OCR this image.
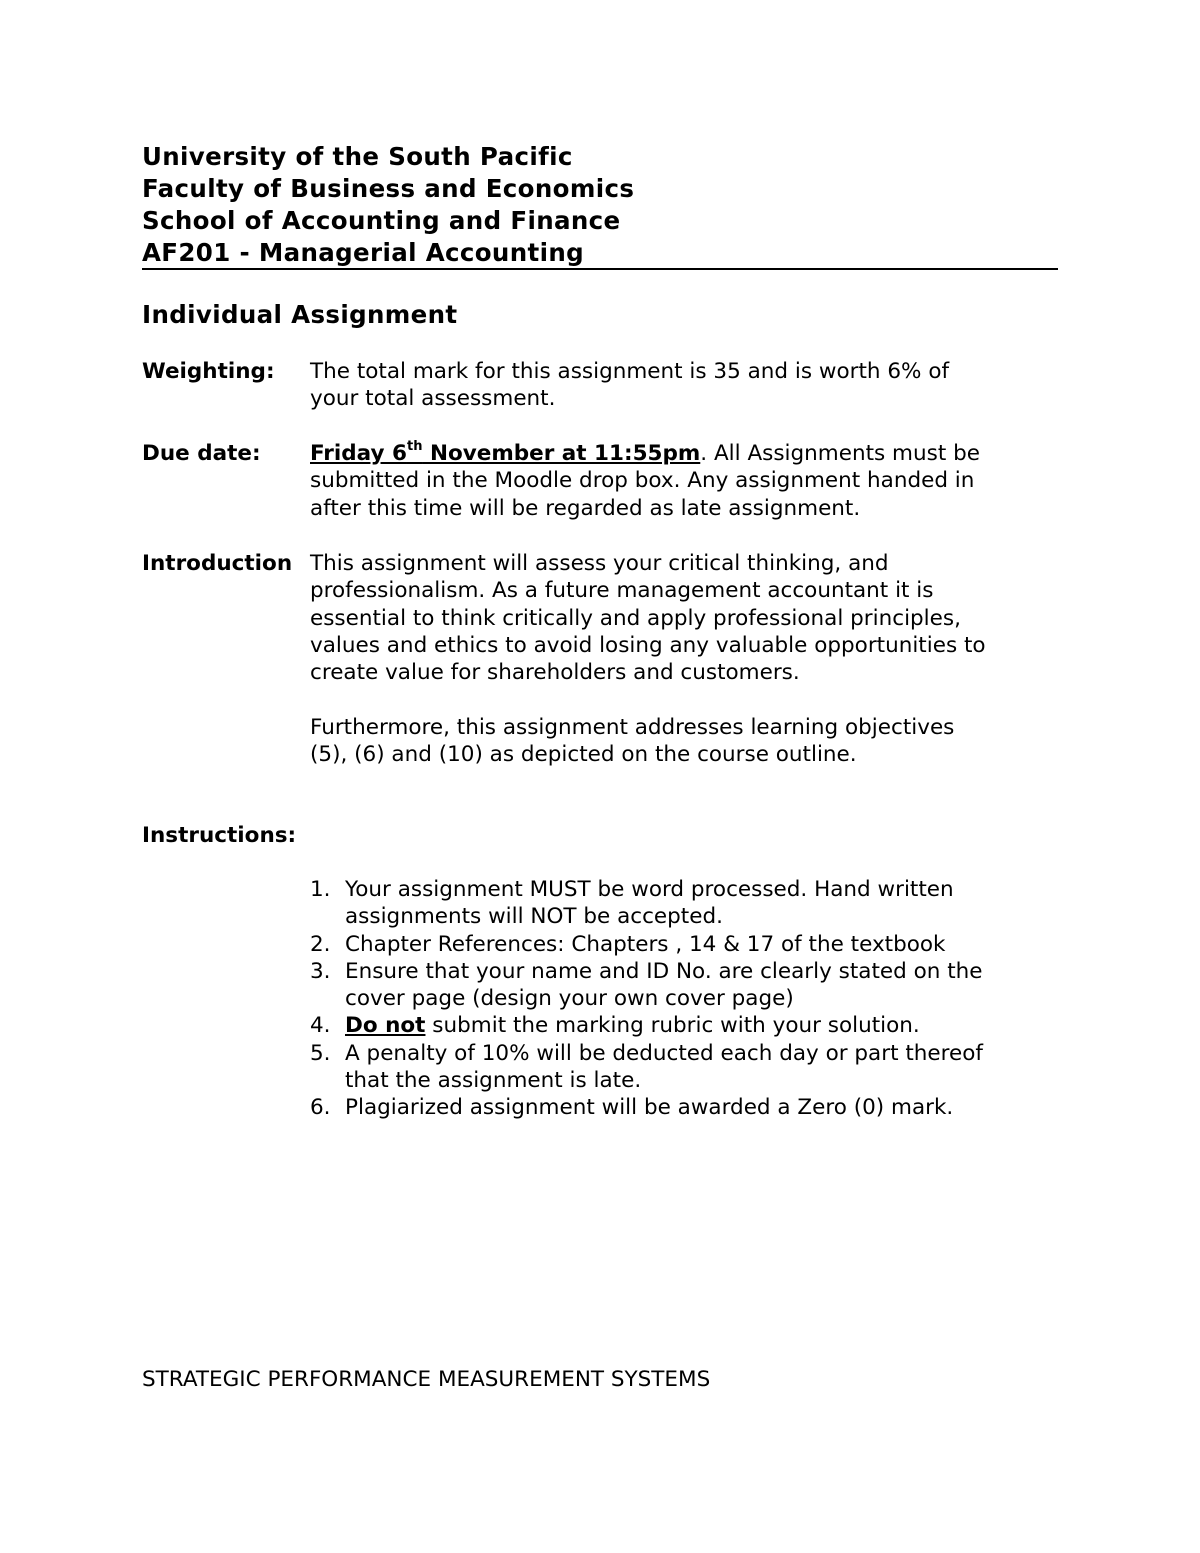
University of the South Pacific
Faculty of Business and Economics
School of Accounting and Finance
AF201 - Managerial Accounting
Individual Assignment
Weighting: The total mark for this assignment is 35 and is worth 6% of
your total assessment.
Due date: Friday 6th November at 11:55pm. All Assignments must be
submitted in the Moodle drop box. Any assignment handed in
after this time will be regarded as late assignment.
Introduction This assignment will assess your critical thinking, and
professionalism. As a future management accountant it is
essential to think critically and apply professional principles,
values and ethics to avoid losing any valuable opportunities to
create value for shareholders and customers.
Furthermore, this assignment addresses learning objectives
(5), (6) and (10) as depicted on the course outline.
Instructions:
1. Your assignment MUST be word processed. Hand written
assignments will NOT be accepted.
2. Chapter References: Chapters , 14 & 17 of the textbook
3. Ensure that your name and ID No. are clearly stated on the
cover page (design your own cover page)
4. Do not submit the marking rubric with your solution.
5. A penalty of 10% will be deducted each day or part thereof
that the assignment is late.
6. Plagiarized assignment will be awarded a Zero (0) mark.
STRATEGIC PERFORMANCE MEASUREMENT SYSTEMS
